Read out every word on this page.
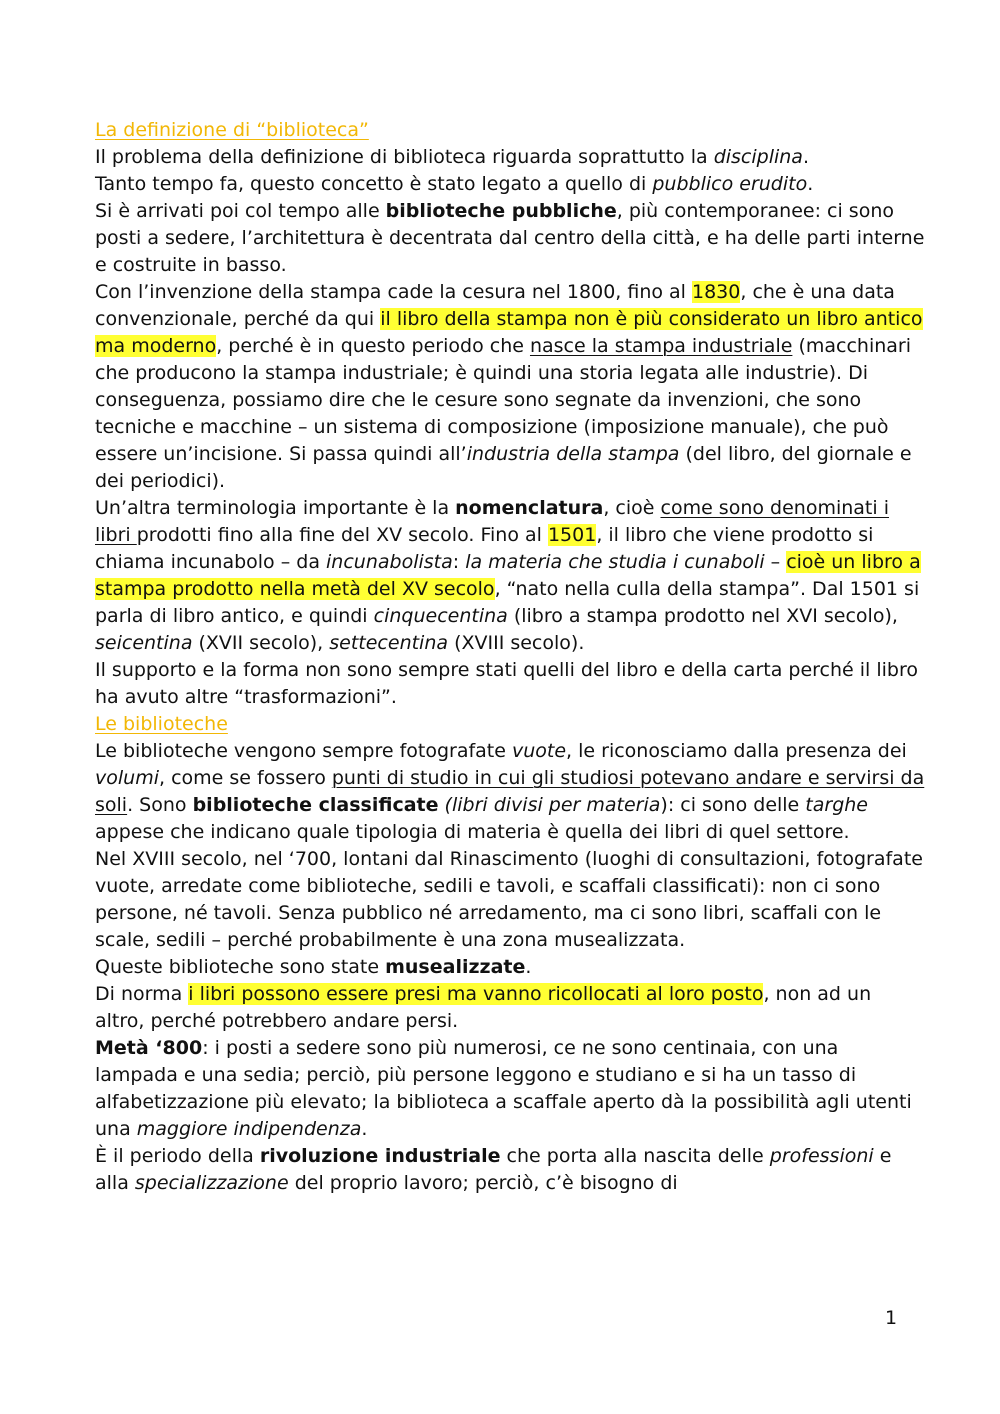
La definizione di “biblioteca”

Il problema della definizione di biblioteca riguarda soprattutto la disciplina.

Tanto tempo fa, questo concetto è stato legato a quello di pubblico erudito.

Si è arrivati poi col tempo alle biblioteche pubbliche, più contemporanee: ci sono posti a sedere, l’architettura è decentrata dal centro della città, e ha delle parti interne e costruite in basso.

Con l’invenzione della stampa cade la cesura nel 1800, fino al 1830, che è una data convenzionale, perché da qui il libro della stampa non è più considerato un libro antico ma moderno, perché è in questo periodo che nasce la stampa industriale (macchinari che producono la stampa industriale; è quindi una storia legata alle industrie). Di conseguenza, possiamo dire che le cesure sono segnate da invenzioni, che sono tecniche e macchine – un sistema di composizione (imposizione manuale), che può essere un’incisione. Si passa quindi all’industria della stampa (del libro, del giornale e dei periodici).

Un’altra terminologia importante è la nomenclatura, cioè come sono denominati i libri prodotti fino alla fine del XV secolo. Fino al 1501, il libro che viene prodotto si chiama incunabolo – da incunabolista: la materia che studia i cunaboli – cioè un libro a stampa prodotto nella metà del XV secolo, “nato nella culla della stampa”. Dal 1501 si parla di libro antico, e quindi cinquecentina (libro a stampa prodotto nel XVI secolo), seicentina (XVII secolo), settecentina (XVIII secolo).

Il supporto e la forma non sono sempre stati quelli del libro e della carta perché il libro ha avuto altre “trasformazioni”.

Le biblioteche

Le biblioteche vengono sempre fotografate vuote, le riconosciamo dalla presenza dei volumi, come se fossero punti di studio in cui gli studiosi potevano andare e servirsi da soli. Sono biblioteche classificate (libri divisi per materia): ci sono delle targhe appese che indicano quale tipologia di materia è quella dei libri di quel settore.

Nel XVIII secolo, nel ‘700, lontani dal Rinascimento (luoghi di consultazioni, fotografate vuote, arredate come biblioteche, sedili e tavoli, e scaffali classificati): non ci sono persone, né tavoli. Senza pubblico né arredamento, ma ci sono libri, scaffali con le scale, sedili – perché probabilmente è una zona musealizzata.

Queste biblioteche sono state musealizzate.

Di norma i libri possono essere presi ma vanno ricollocati al loro posto, non ad un altro, perché potrebbero andare persi.

Metà ‘800: i posti a sedere sono più numerosi, ce ne sono centinaia, con una lampada e una sedia; perciò, più persone leggono e studiano e si ha un tasso di alfabetizzazione più elevato; la biblioteca a scaffale aperto dà la possibilità agli utenti una maggiore indipendenza.

È il periodo della rivoluzione industriale che porta alla nascita delle professioni e alla specializzazione del proprio lavoro; perciò, c’è bisogno di

1
